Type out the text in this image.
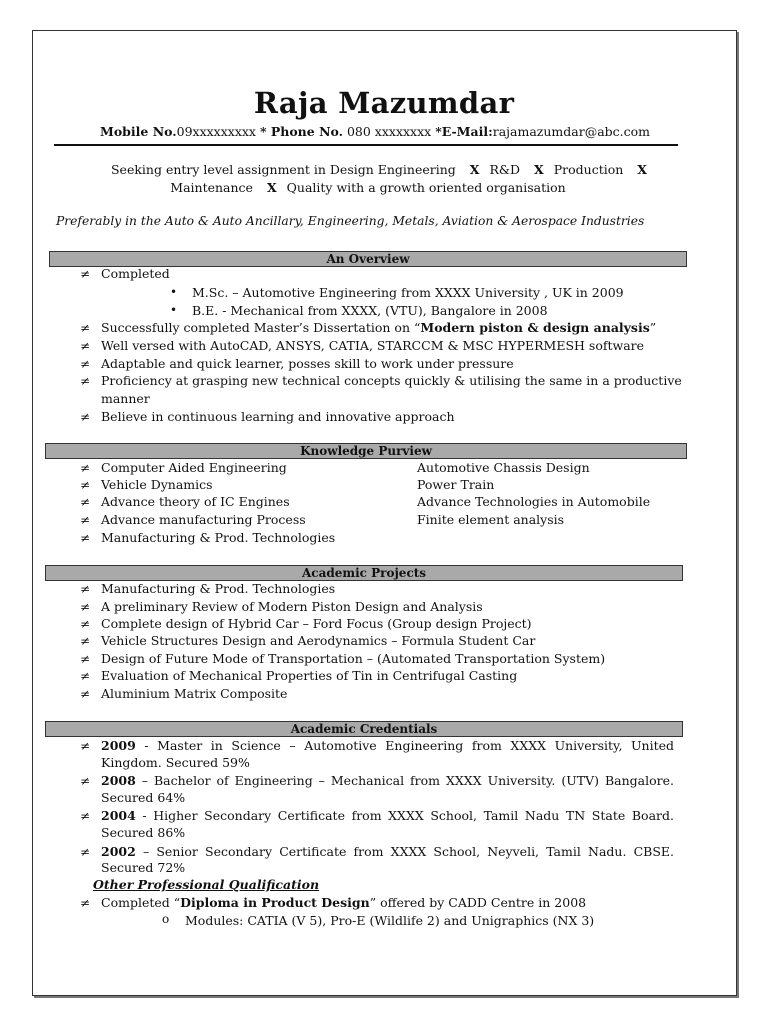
Raja Mazumdar
Mobile No.09xxxxxxxxx * Phone No. 080 xxxxxxxx *E-Mail:rajamazumdar@abc.com
Seeking entry level assignment in Design Engineering X R&D X Production X
Maintenance X Quality with a growth oriented organisation
Preferably in the Auto & Auto Ancillary, Engineering, Metals, Aviation & Aerospace Industries
An Overview
≠ Completed
• M.Sc. – Automotive Engineering from XXXX University , UK in 2009
• B.E. - Mechanical from XXXX, (VTU), Bangalore in 2008
≠ Successfully completed Master’s Dissertation on “Modern piston & design analysis”
≠ Well versed with AutoCAD, ANSYS, CATIA, STARCCM & MSC HYPERMESH software
≠ Adaptable and quick learner, posses skill to work under pressure
≠ Proficiency at grasping new technical concepts quickly & utilising the same in a productive
manner
≠ Believe in continuous learning and innovative approach
Knowledge Purview
≠ Computer Aided Engineering
≠ Vehicle Dynamics
≠ Advance theory of IC Engines
≠ Advance manufacturing Process
≠ Manufacturing & Prod. Technologies
Automotive Chassis Design
Power Train
Advance Technologies in Automobile
Finite element analysis
Academic Projects
≠ Manufacturing & Prod. Technologies
≠ A preliminary Review of Modern Piston Design and Analysis
≠ Complete design of Hybrid Car – Ford Focus (Group design Project)
≠ Vehicle Structures Design and Aerodynamics – Formula Student Car
≠ Design of Future Mode of Transportation – (Automated Transportation System)
≠ Evaluation of Mechanical Properties of Tin in Centrifugal Casting
≠ Aluminium Matrix Composite
Academic Credentials
≠ 2009 - Master in Science – Automotive Engineering from XXXX University, United
Kingdom. Secured 59%
≠ 2008 – Bachelor of Engineering – Mechanical from XXXX University. (UTV) Bangalore.
Secured 64%
≠ 2004 - Higher Secondary Certificate from XXXX School, Tamil Nadu TN State Board.
Secured 86%
≠ 2002 – Senior Secondary Certificate from XXXX School, Neyveli, Tamil Nadu. CBSE.
Secured 72%
Other Professional Qualification
≠ Completed “Diploma in Product Design” offered by CADD Centre in 2008
o Modules: CATIA (V 5), Pro-E (Wildlife 2) and Unigraphics (NX 3)
